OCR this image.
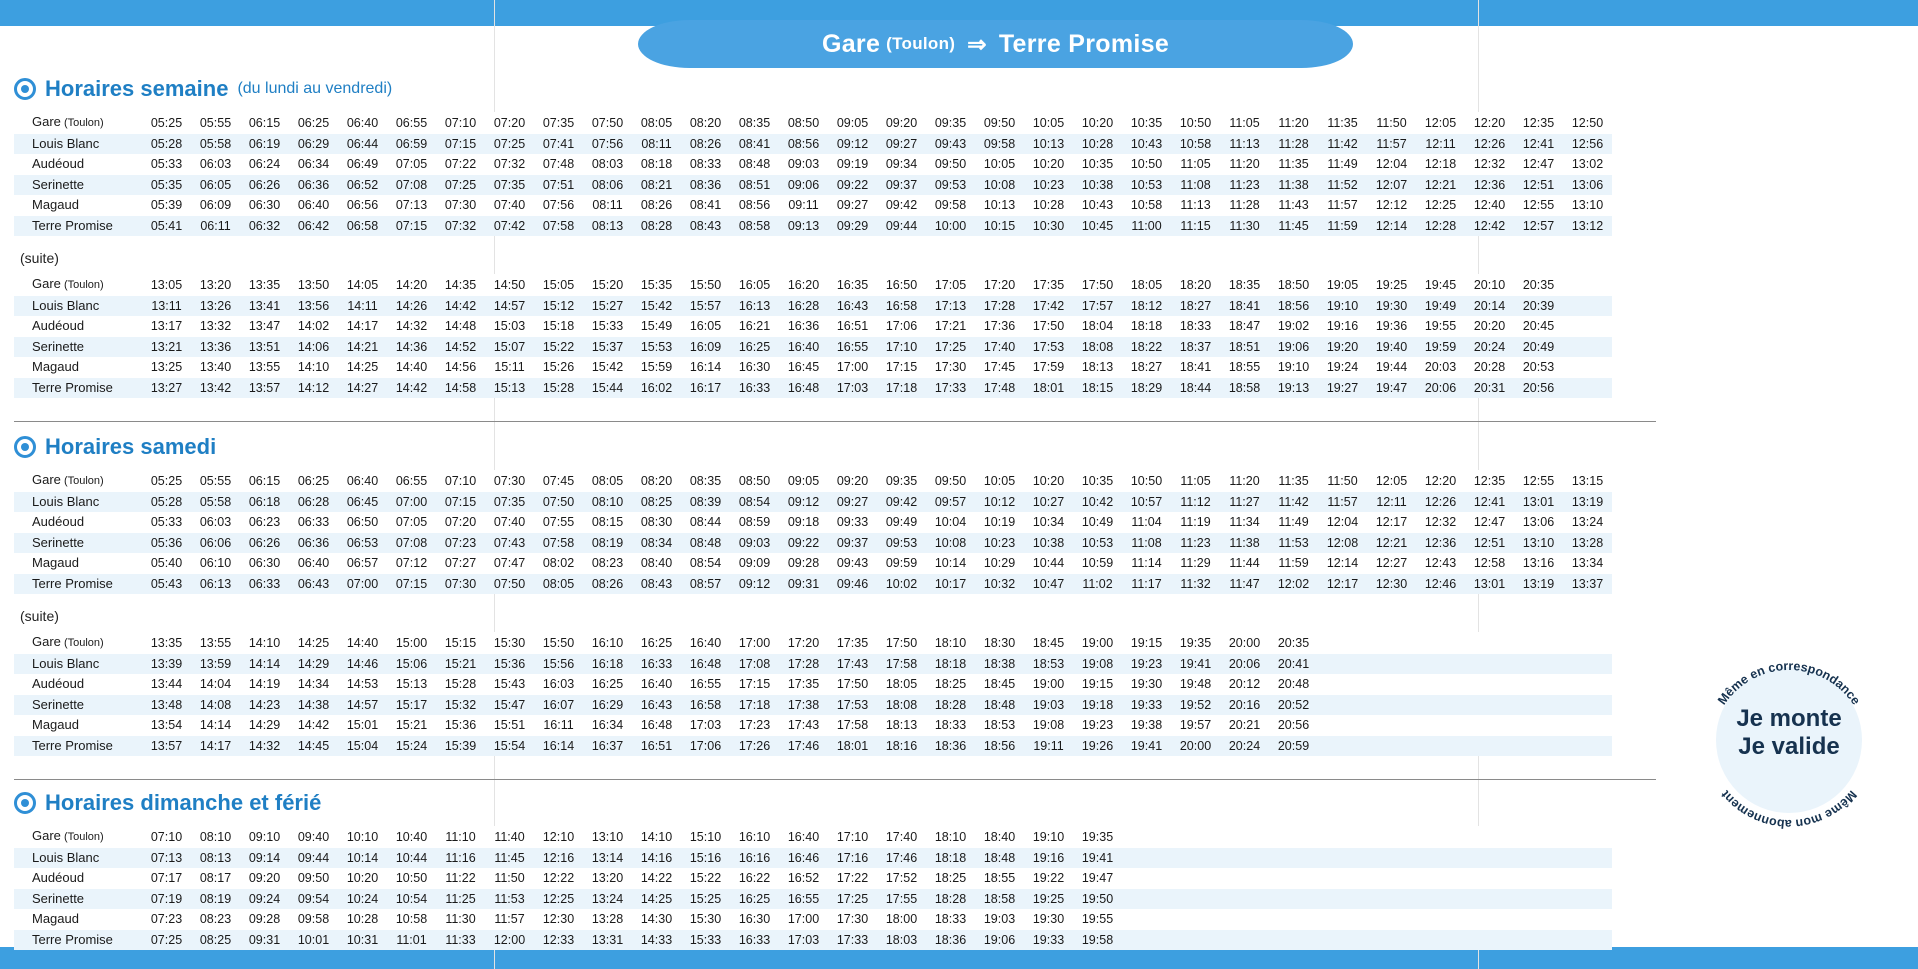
Gare (Toulon) ⇒ Terre Promise
Horaires semaine (du lundi au vendredi)
Gare (Toulon)	05:25	05:55	06:15	06:25	06:40	06:55	07:10	07:20	07:35	07:50	08:05	08:20	08:35	08:50	09:05	09:20	09:35	09:50	10:05	10:20	10:35	10:50	11:05	11:20	11:35	11:50	12:05	12:20	12:35	12:50
Louis Blanc	05:28	05:58	06:19	06:29	06:44	06:59	07:15	07:25	07:41	07:56	08:11	08:26	08:41	08:56	09:12	09:27	09:43	09:58	10:13	10:28	10:43	10:58	11:13	11:28	11:42	11:57	12:11	12:26	12:41	12:56
Audéoud	05:33	06:03	06:24	06:34	06:49	07:05	07:22	07:32	07:48	08:03	08:18	08:33	08:48	09:03	09:19	09:34	09:50	10:05	10:20	10:35	10:50	11:05	11:20	11:35	11:49	12:04	12:18	12:32	12:47	13:02
Serinette	05:35	06:05	06:26	06:36	06:52	07:08	07:25	07:35	07:51	08:06	08:21	08:36	08:51	09:06	09:22	09:37	09:53	10:08	10:23	10:38	10:53	11:08	11:23	11:38	11:52	12:07	12:21	12:36	12:51	13:06
Magaud	05:39	06:09	06:30	06:40	06:56	07:13	07:30	07:40	07:56	08:11	08:26	08:41	08:56	09:11	09:27	09:42	09:58	10:13	10:28	10:43	10:58	11:13	11:28	11:43	11:57	12:12	12:25	12:40	12:55	13:10
Terre Promise	05:41	06:11	06:32	06:42	06:58	07:15	07:32	07:42	07:58	08:13	08:28	08:43	08:58	09:13	09:29	09:44	10:00	10:15	10:30	10:45	11:00	11:15	11:30	11:45	11:59	12:14	12:28	12:42	12:57	13:12
(suite)
Gare (Toulon)	13:05	13:20	13:35	13:50	14:05	14:20	14:35	14:50	15:05	15:20	15:35	15:50	16:05	16:20	16:35	16:50	17:05	17:20	17:35	17:50	18:05	18:20	18:35	18:50	19:05	19:25	19:45	20:10	20:35	
Louis Blanc	13:11	13:26	13:41	13:56	14:11	14:26	14:42	14:57	15:12	15:27	15:42	15:57	16:13	16:28	16:43	16:58	17:13	17:28	17:42	17:57	18:12	18:27	18:41	18:56	19:10	19:30	19:49	20:14	20:39	
Audéoud	13:17	13:32	13:47	14:02	14:17	14:32	14:48	15:03	15:18	15:33	15:49	16:05	16:21	16:36	16:51	17:06	17:21	17:36	17:50	18:04	18:18	18:33	18:47	19:02	19:16	19:36	19:55	20:20	20:45	
Serinette	13:21	13:36	13:51	14:06	14:21	14:36	14:52	15:07	15:22	15:37	15:53	16:09	16:25	16:40	16:55	17:10	17:25	17:40	17:53	18:08	18:22	18:37	18:51	19:06	19:20	19:40	19:59	20:24	20:49	
Magaud	13:25	13:40	13:55	14:10	14:25	14:40	14:56	15:11	15:26	15:42	15:59	16:14	16:30	16:45	17:00	17:15	17:30	17:45	17:59	18:13	18:27	18:41	18:55	19:10	19:24	19:44	20:03	20:28	20:53	
Terre Promise	13:27	13:42	13:57	14:12	14:27	14:42	14:58	15:13	15:28	15:44	16:02	16:17	16:33	16:48	17:03	17:18	17:33	17:48	18:01	18:15	18:29	18:44	18:58	19:13	19:27	19:47	20:06	20:31	20:56	
Horaires samedi
Gare (Toulon)	05:25	05:55	06:15	06:25	06:40	06:55	07:10	07:30	07:45	08:05	08:20	08:35	08:50	09:05	09:20	09:35	09:50	10:05	10:20	10:35	10:50	11:05	11:20	11:35	11:50	12:05	12:20	12:35	12:55	13:15
Louis Blanc	05:28	05:58	06:18	06:28	06:45	07:00	07:15	07:35	07:50	08:10	08:25	08:39	08:54	09:12	09:27	09:42	09:57	10:12	10:27	10:42	10:57	11:12	11:27	11:42	11:57	12:11	12:26	12:41	13:01	13:19
Audéoud	05:33	06:03	06:23	06:33	06:50	07:05	07:20	07:40	07:55	08:15	08:30	08:44	08:59	09:18	09:33	09:49	10:04	10:19	10:34	10:49	11:04	11:19	11:34	11:49	12:04	12:17	12:32	12:47	13:06	13:24
Serinette	05:36	06:06	06:26	06:36	06:53	07:08	07:23	07:43	07:58	08:19	08:34	08:48	09:03	09:22	09:37	09:53	10:08	10:23	10:38	10:53	11:08	11:23	11:38	11:53	12:08	12:21	12:36	12:51	13:10	13:28
Magaud	05:40	06:10	06:30	06:40	06:57	07:12	07:27	07:47	08:02	08:23	08:40	08:54	09:09	09:28	09:43	09:59	10:14	10:29	10:44	10:59	11:14	11:29	11:44	11:59	12:14	12:27	12:43	12:58	13:16	13:34
Terre Promise	05:43	06:13	06:33	06:43	07:00	07:15	07:30	07:50	08:05	08:26	08:43	08:57	09:12	09:31	09:46	10:02	10:17	10:32	10:47	11:02	11:17	11:32	11:47	12:02	12:17	12:30	12:46	13:01	13:19	13:37
(suite)
Gare (Toulon)	13:35	13:55	14:10	14:25	14:40	15:00	15:15	15:30	15:50	16:10	16:25	16:40	17:00	17:20	17:35	17:50	18:10	18:30	18:45	19:00	19:15	19:35	20:00	20:35						
Louis Blanc	13:39	13:59	14:14	14:29	14:46	15:06	15:21	15:36	15:56	16:18	16:33	16:48	17:08	17:28	17:43	17:58	18:18	18:38	18:53	19:08	19:23	19:41	20:06	20:41						
Audéoud	13:44	14:04	14:19	14:34	14:53	15:13	15:28	15:43	16:03	16:25	16:40	16:55	17:15	17:35	17:50	18:05	18:25	18:45	19:00	19:15	19:30	19:48	20:12	20:48						
Serinette	13:48	14:08	14:23	14:38	14:57	15:17	15:32	15:47	16:07	16:29	16:43	16:58	17:18	17:38	17:53	18:08	18:28	18:48	19:03	19:18	19:33	19:52	20:16	20:52						
Magaud	13:54	14:14	14:29	14:42	15:01	15:21	15:36	15:51	16:11	16:34	16:48	17:03	17:23	17:43	17:58	18:13	18:33	18:53	19:08	19:23	19:38	19:57	20:21	20:56						
Terre Promise	13:57	14:17	14:32	14:45	15:04	15:24	15:39	15:54	16:14	16:37	16:51	17:06	17:26	17:46	18:01	18:16	18:36	18:56	19:11	19:26	19:41	20:00	20:24	20:59						
Horaires dimanche et férié
Gare (Toulon)	07:10	08:10	09:10	09:40	10:10	10:40	11:10	11:40	12:10	13:10	14:10	15:10	16:10	16:40	17:10	17:40	18:10	18:40	19:10	19:35										
Louis Blanc	07:13	08:13	09:14	09:44	10:14	10:44	11:16	11:45	12:16	13:14	14:16	15:16	16:16	16:46	17:16	17:46	18:18	18:48	19:16	19:41										
Audéoud	07:17	08:17	09:20	09:50	10:20	10:50	11:22	11:50	12:22	13:20	14:22	15:22	16:22	16:52	17:22	17:52	18:25	18:55	19:22	19:47										
Serinette	07:19	08:19	09:24	09:54	10:24	10:54	11:25	11:53	12:25	13:24	14:25	15:25	16:25	16:55	17:25	17:55	18:28	18:58	19:25	19:50										
Magaud	07:23	08:23	09:28	09:58	10:28	10:58	11:30	11:57	12:30	13:28	14:30	15:30	16:30	17:00	17:30	18:00	18:33	19:03	19:30	19:55										
Terre Promise	07:25	08:25	09:31	10:01	10:31	11:01	11:33	12:00	12:33	13:31	14:33	15:33	16:33	17:03	17:33	18:03	18:36	19:06	19:33	19:58										
Même en correspondance
Même mon abonnement
Je monte
Je valide
